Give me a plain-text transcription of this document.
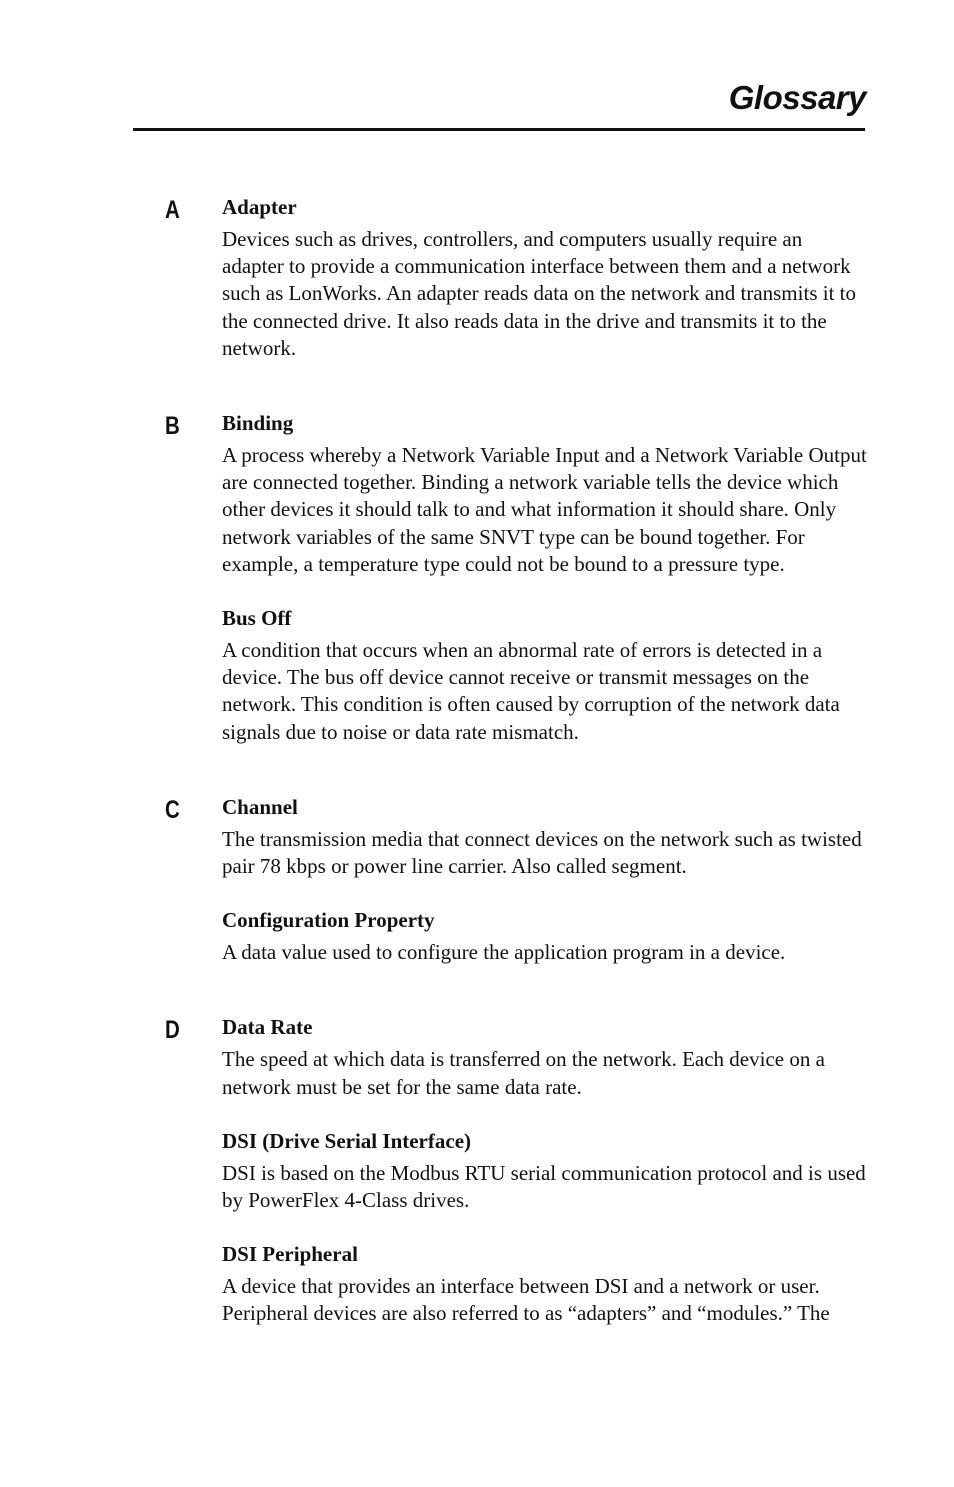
Glossary
A Adapter

Devices such as drives, controllers, and computers usually require an adapter to provide a communication interface between them and a network such as LonWorks. An adapter reads data on the network and transmits it to the connected drive. It also reads data in the drive and transmits it to the network.

B Binding

A process whereby a Network Variable Input and a Network Variable Output are connected together. Binding a network variable tells the device which other devices it should talk to and what information it should share. Only network variables of the same SNVT type can be bound together. For example, a temperature type could not be bound to a pressure type.

Bus Off

A condition that occurs when an abnormal rate of errors is detected in a device. The bus off device cannot receive or transmit messages on the network. This condition is often caused by corruption of the network data signals due to noise or data rate mismatch.

C Channel

The transmission media that connect devices on the network such as twisted pair 78 kbps or power line carrier. Also called segment.

Configuration Property

A data value used to configure the application program in a device.

D Data Rate

The speed at which data is transferred on the network. Each device on a network must be set for the same data rate.

DSI (Drive Serial Interface)

DSI is based on the Modbus RTU serial communication protocol and is used by PowerFlex 4-Class drives.

DSI Peripheral

A device that provides an interface between DSI and a network or user. Peripheral devices are also referred to as “adapters” and “modules.” The
